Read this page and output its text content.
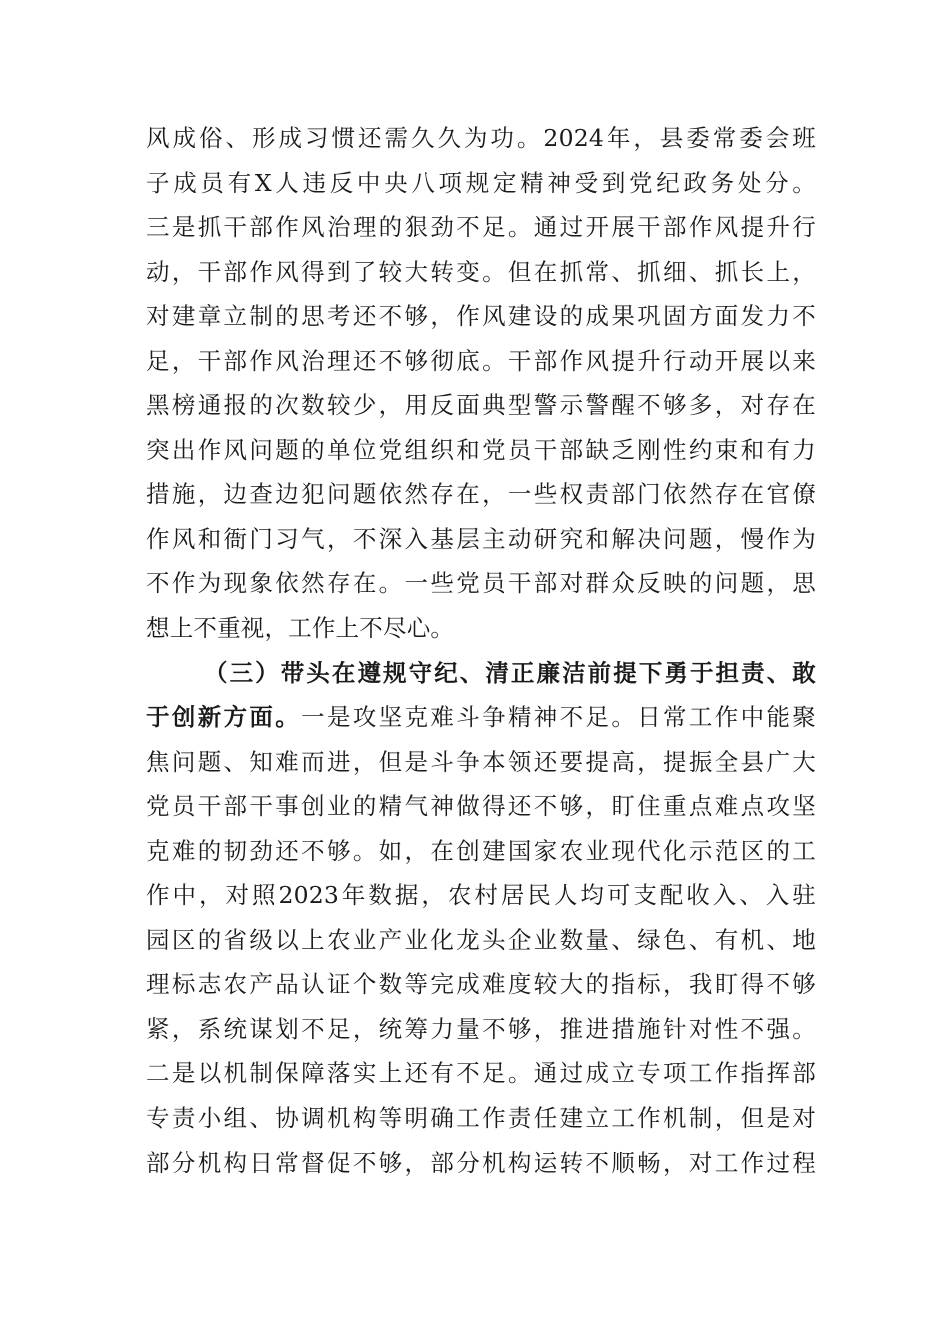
风成俗、形成习惯还需久久为功。2024年，县委常委会班
子成员有X人违反中央八项规定精神受到党纪政务处分。
三是抓干部作风治理的狠劲不足。通过开展干部作风提升行
动，干部作风得到了较大转变。但在抓常、抓细、抓长上，
对建章立制的思考还不够，作风建设的成果巩固方面发力不
足，干部作风治理还不够彻底。干部作风提升行动开展以来
黑榜通报的次数较少，用反面典型警示警醒不够多，对存在
突出作风问题的单位党组织和党员干部缺乏刚性约束和有力
措施，边查边犯问题依然存在，一些权责部门依然存在官僚
作风和衙门习气，不深入基层主动研究和解决问题，慢作为
不作为现象依然存在。一些党员干部对群众反映的问题，思
想上不重视，工作上不尽心。
（三）带头在遵规守纪、清正廉洁前提下勇于担责、敢
于创新方面。一是攻坚克难斗争精神不足。日常工作中能聚
焦问题、知难而进，但是斗争本领还要提高，提振全县广大
党员干部干事创业的精气神做得还不够，盯住重点难点攻坚
克难的韧劲还不够。如，在创建国家农业现代化示范区的工
作中，对照2023年数据，农村居民人均可支配收入、入驻
园区的省级以上农业产业化龙头企业数量、绿色、有机、地
理标志农产品认证个数等完成难度较大的指标，我盯得不够
紧，系统谋划不足，统筹力量不够，推进措施针对性不强。
二是以机制保障落实上还有不足。通过成立专项工作指挥部
专责小组、协调机构等明确工作责任建立工作机制，但是对
部分机构日常督促不够，部分机构运转不顺畅，对工作过程
